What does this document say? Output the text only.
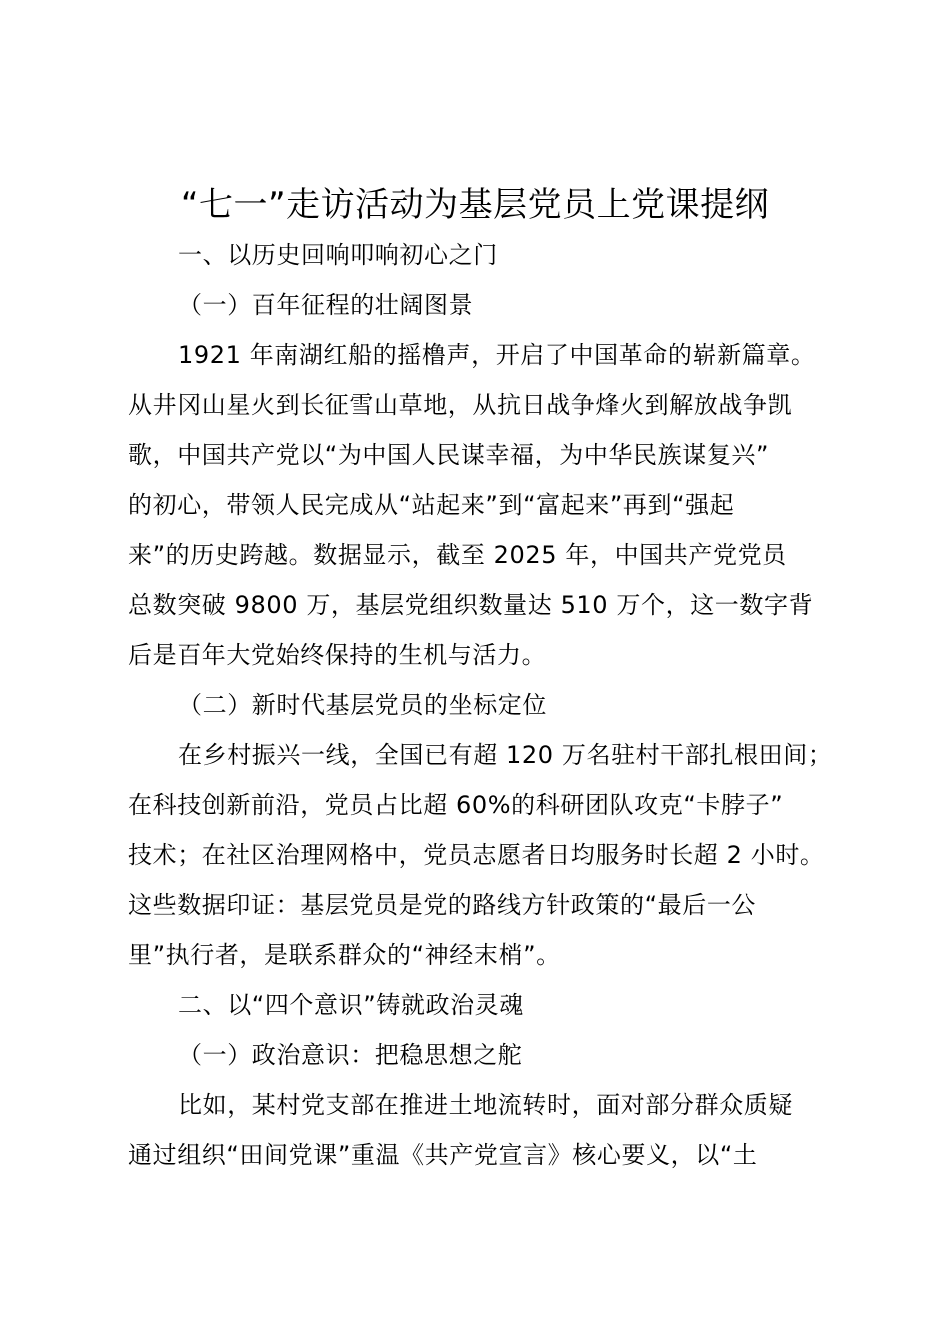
“七一”走访活动为基层党员上党课提纲
一、以历史回响叩响初心之门
（一）百年征程的壮阔图景
1921 年南湖红船的摇橹声，开启了中国革命的崭新篇章。
从井冈山星火到长征雪山草地，从抗日战争烽火到解放战争凯
歌，中国共产党以“为中国人民谋幸福，为中华民族谋复兴”
的初心，带领人民完成从“站起来”到“富起来”再到“强起
来”的历史跨越。数据显示，截至 2025 年，中国共产党党员
总数突破 9800 万，基层党组织数量达 510 万个，这一数字背
后是百年大党始终保持的生机与活力。
（二）新时代基层党员的坐标定位
在乡村振兴一线，全国已有超 120 万名驻村干部扎根田间；
在科技创新前沿，党员占比超 60%的科研团队攻克“卡脖子”
技术；在社区治理网格中，党员志愿者日均服务时长超 2 小时。
这些数据印证：基层党员是党的路线方针政策的“最后一公
里”执行者，是联系群众的“神经末梢”。
二、以“四个意识”铸就政治灵魂
（一）政治意识：把稳思想之舵
比如，某村党支部在推进土地流转时，面对部分群众质疑
通过组织“田间党课”重温《共产党宣言》核心要义，以“土
